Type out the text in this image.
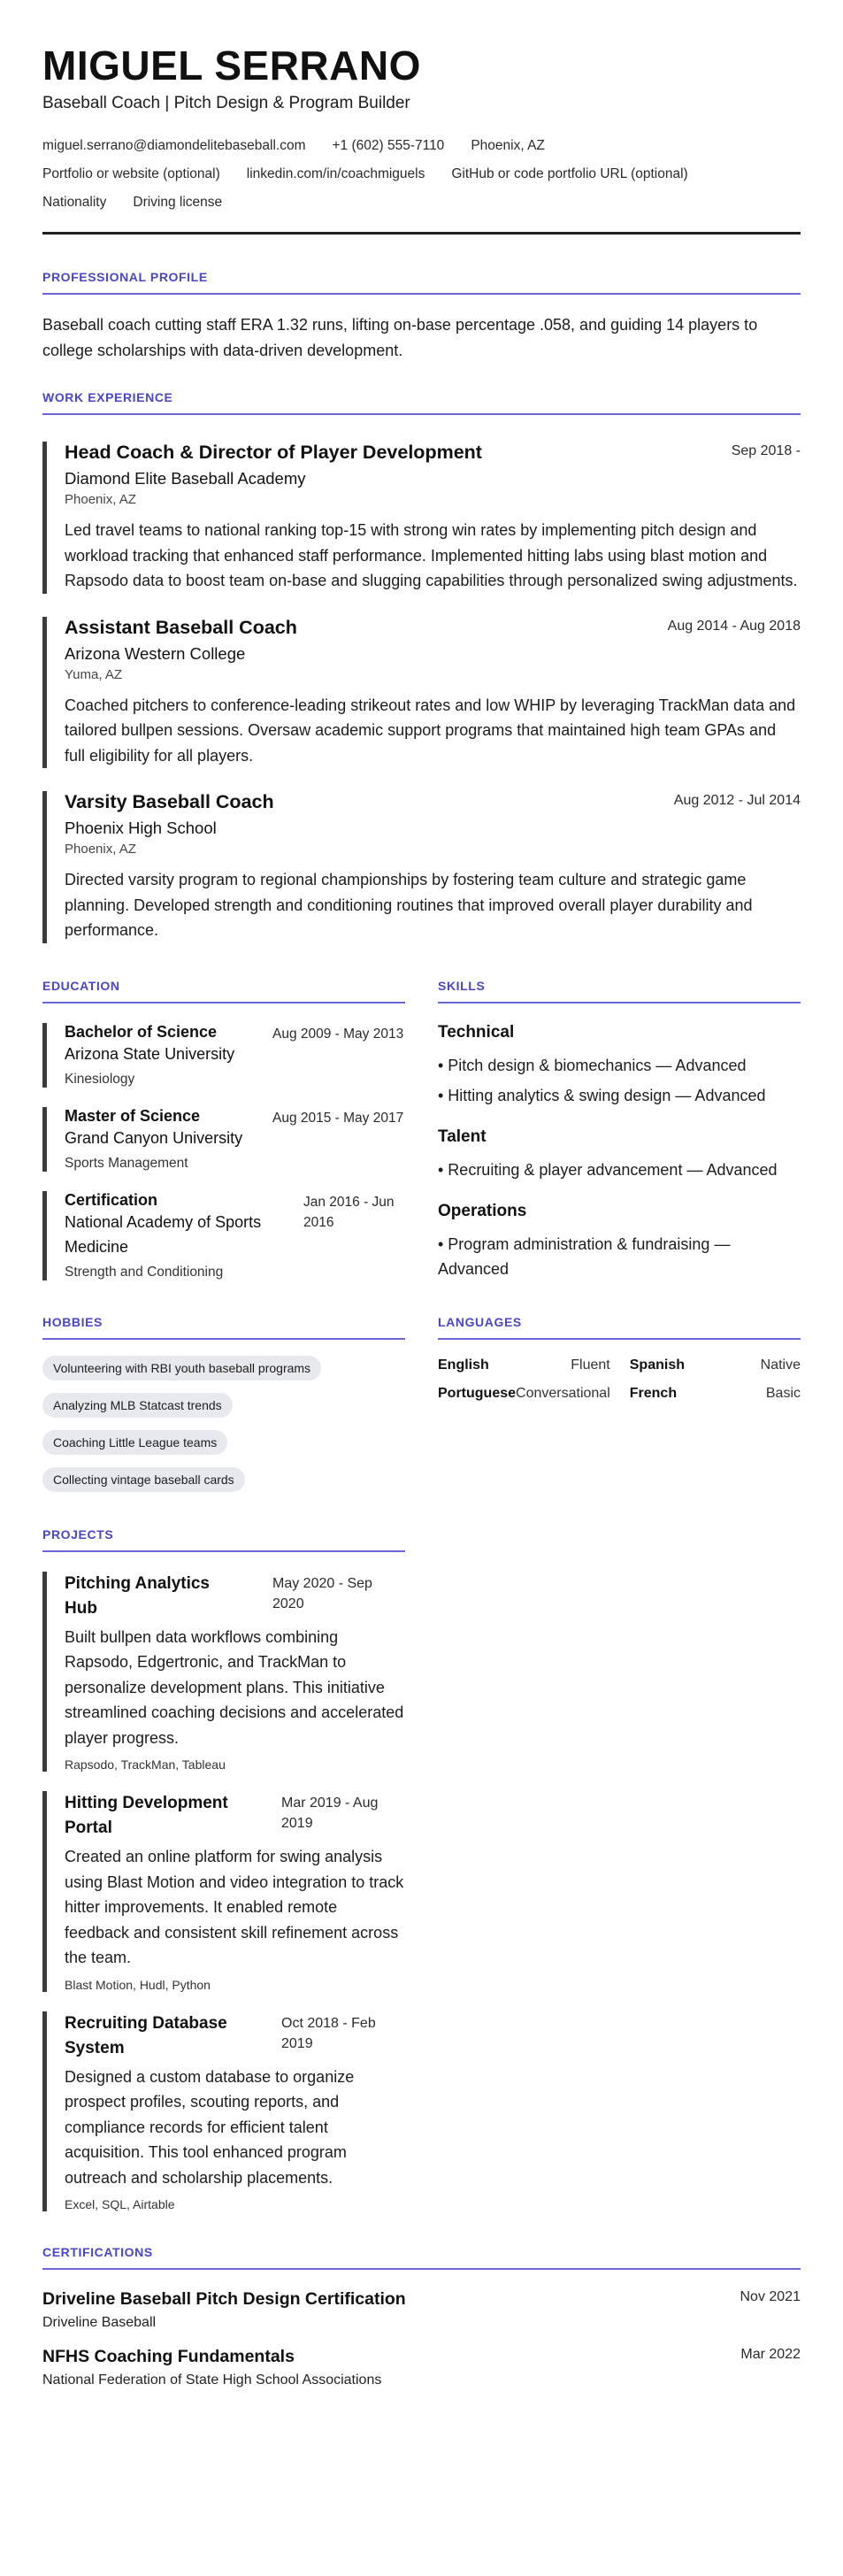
MIGUEL SERRANO
Baseball Coach | Pitch Design & Program Builder
miguel.serrano@diamondelitebaseball.com +1 (602) 555-7110 Phoenix, AZ
Portfolio or website (optional) linkedin.com/in/coachmiguels GitHub or code portfolio URL (optional)
Nationality Driving license
PROFESSIONAL PROFILE
Baseball coach cutting staff ERA 1.32 runs, lifting on-base percentage .058, and guiding 14 players to college scholarships with data-driven development.
WORK EXPERIENCE
Head Coach & Director of Player Development	Sep 2018 -
Diamond Elite Baseball Academy
Phoenix, AZ
Led travel teams to national ranking top-15 with strong win rates by implementing pitch design and workload tracking that enhanced staff performance. Implemented hitting labs using blast motion and Rapsodo data to boost team on-base and slugging capabilities through personalized swing adjustments.
Assistant Baseball Coach	Aug 2014 - Aug 2018
Arizona Western College
Yuma, AZ
Coached pitchers to conference-leading strikeout rates and low WHIP by leveraging TrackMan data and tailored bullpen sessions. Oversaw academic support programs that maintained high team GPAs and full eligibility for all players.
Varsity Baseball Coach	Aug 2012 - Jul 2014
Phoenix High School
Phoenix, AZ
Directed varsity program to regional championships by fostering team culture and strategic game planning. Developed strength and conditioning routines that improved overall player durability and performance.
EDUCATION
Bachelor of Science
Arizona State University
Aug 2009 - May 2013
Kinesiology
Master of Science
Grand Canyon University
Aug 2015 - May 2017
Sports Management
Certification
National Academy of Sports Medicine
Jan 2016 - Jun 2016
Strength and Conditioning
SKILLS
Technical
• Pitch design & biomechanics — Advanced
• Hitting analytics & swing design — Advanced
Talent
• Recruiting & player advancement — Advanced
Operations
• Program administration & fundraising — Advanced
HOBBIES
Volunteering with RBI youth baseball programs
Analyzing MLB Statcast trends
Coaching Little League teams
Collecting vintage baseball cards
LANGUAGES
English	Fluent Spanish	Native
Portuguese Conversational French	Basic
PROJECTS
Pitching Analytics Hub
May 2020 - Sep 2020
Built bullpen data workflows combining Rapsodo, Edgertronic, and TrackMan to personalize development plans. This initiative streamlined coaching decisions and accelerated player progress.
Rapsodo, TrackMan, Tableau
Hitting Development Portal
Mar 2019 - Aug 2019
Created an online platform for swing analysis using Blast Motion and video integration to track hitter improvements. It enabled remote feedback and consistent skill refinement across the team.
Blast Motion, Hudl, Python
Recruiting Database System
Oct 2018 - Feb 2019
Designed a custom database to organize prospect profiles, scouting reports, and compliance records for efficient talent acquisition. This tool enhanced program outreach and scholarship placements.
Excel, SQL, Airtable
CERTIFICATIONS
Driveline Baseball Pitch Design Certification	Nov 2021
Driveline Baseball
NFHS Coaching Fundamentals	Mar 2022
National Federation of State High School Associations
